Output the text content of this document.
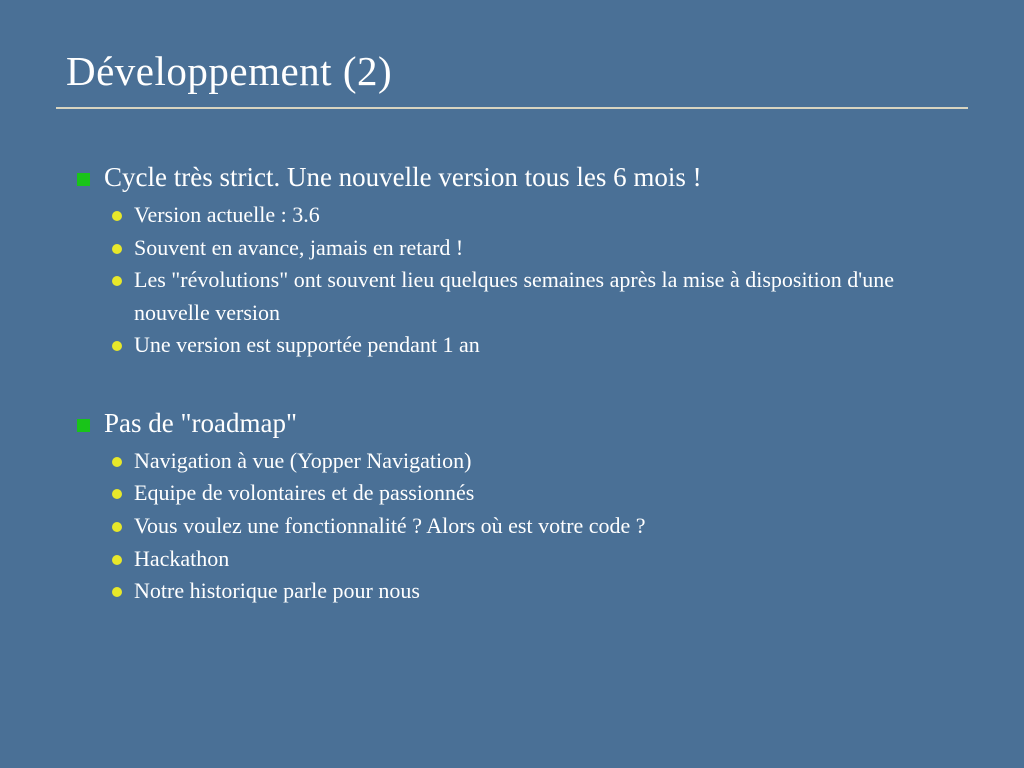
Développement (2)
Cycle très strict. Une nouvelle version tous les 6 mois !
Version actuelle : 3.6
Souvent en avance, jamais en retard !
Les "révolutions" ont souvent lieu quelques semaines après la mise à disposition d'une nouvelle version
Une version est supportée pendant 1 an
Pas de "roadmap"
Navigation à vue (Yopper Navigation)
Equipe de volontaires et de passionnés
Vous voulez une fonctionnalité ? Alors où est votre code ?
Hackathon
Notre historique parle pour nous
